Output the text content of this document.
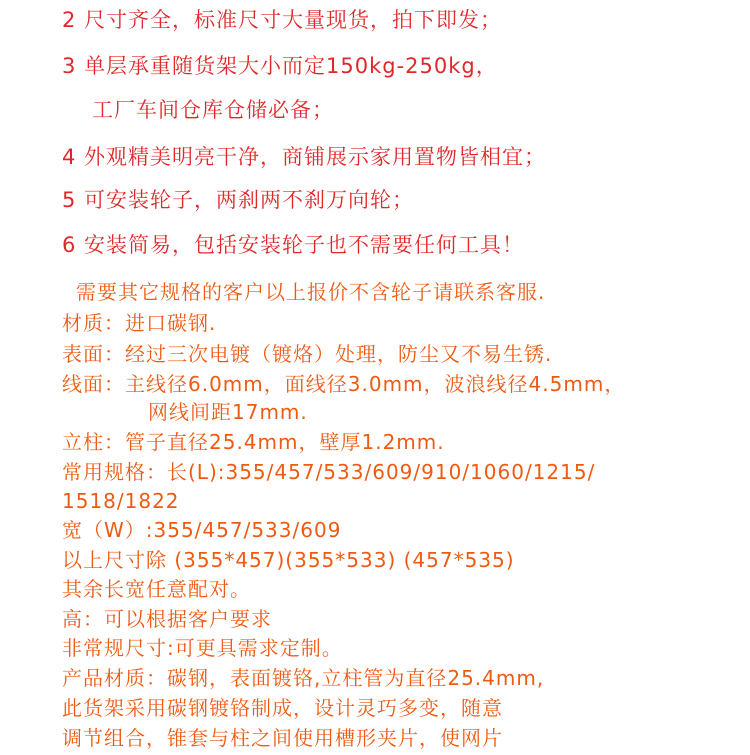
2 尺寸齐全，标准尺寸大量现货，拍下即发；
3 单层承重随货架大小而定150kg-250kg，
工厂车间仓库仓储必备；
4 外观精美明亮干净，商铺展示家用置物皆相宜；
5 可安装轮子，两刹两不刹万向轮；
6 安装简易，包括安装轮子也不需要任何工具！
需要其它规格的客户以上报价不含轮子请联系客服.
材质：进口碳钢.
表面：经过三次电镀（镀烙）处理，防尘又不易生锈.
线面：主线径6.0mm，面线径3.0mm，波浪线径4.5mm，
网线间距17mm.
立柱：管子直径25.4mm，壁厚1.2mm.
常用规格：长(L):355/457/533/609/910/1060/1215/
1518/1822
宽（W）:355/457/533/609
以上尺寸除 (355*457)(355*533) (457*535)
其余长宽任意配对。
高：可以根据客户要求
非常规尺寸:可更具需求定制。
产品材质：碳钢，表面镀铬,立柱管为直径25.4mm,
此货架采用碳钢镀铬制成，设计灵巧多变，随意
调节组合，锥套与柱之间使用槽形夹片，使网片
